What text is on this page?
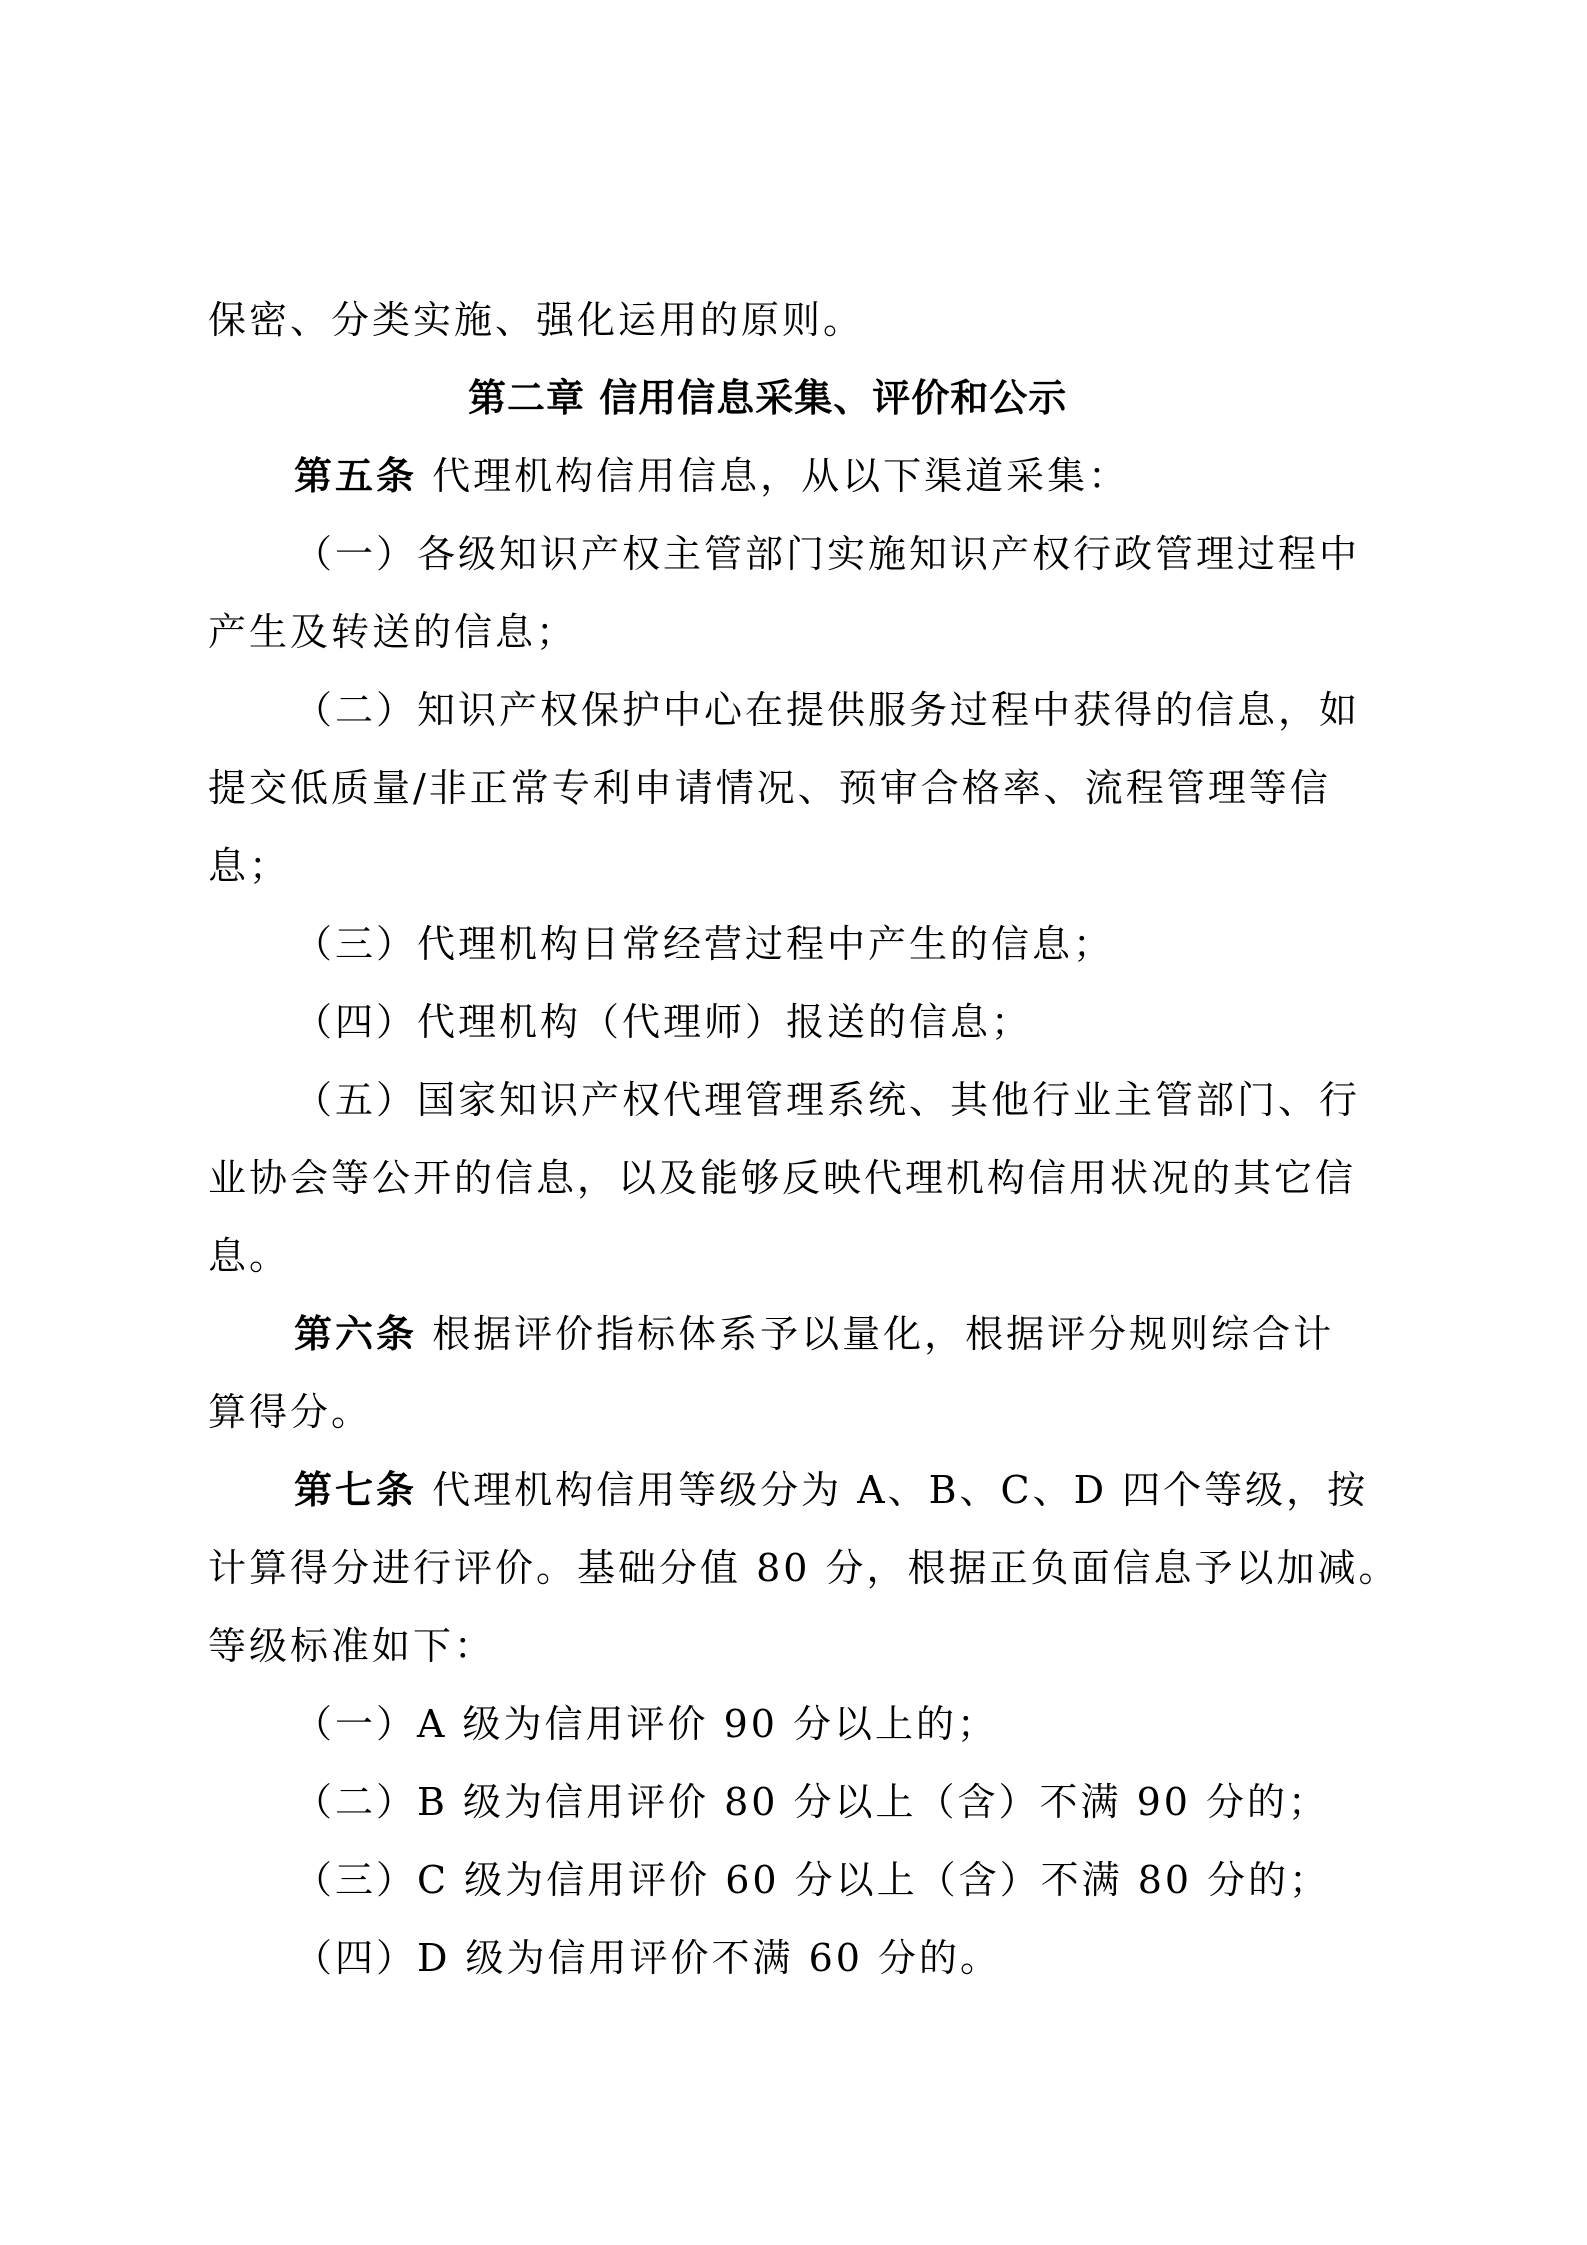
保密、分类实施、强化运用的原则。
第二章 信用信息采集、评价和公示
第五条 代理机构信用信息，从以下渠道采集：
（一）各级知识产权主管部门实施知识产权行政管理过程中
产生及转送的信息；
（二）知识产权保护中心在提供服务过程中获得的信息，如
提交低质量/非正常专利申请情况、预审合格率、流程管理等信
息；
（三）代理机构日常经营过程中产生的信息；
（四）代理机构（代理师）报送的信息；
（五）国家知识产权代理管理系统、其他行业主管部门、行
业协会等公开的信息，以及能够反映代理机构信用状况的其它信
息。
第六条 根据评价指标体系予以量化，根据评分规则综合计
算得分。
第七条 代理机构信用等级分为 A、B、C、D 四个等级，按
计算得分进行评价。基础分值 80 分，根据正负面信息予以加减。
等级标准如下：
（一）A 级为信用评价 90 分以上的；
（二）B 级为信用评价 80 分以上（含）不满 90 分的；
（三）C 级为信用评价 60 分以上（含）不满 80 分的；
（四）D 级为信用评价不满 60 分的。
